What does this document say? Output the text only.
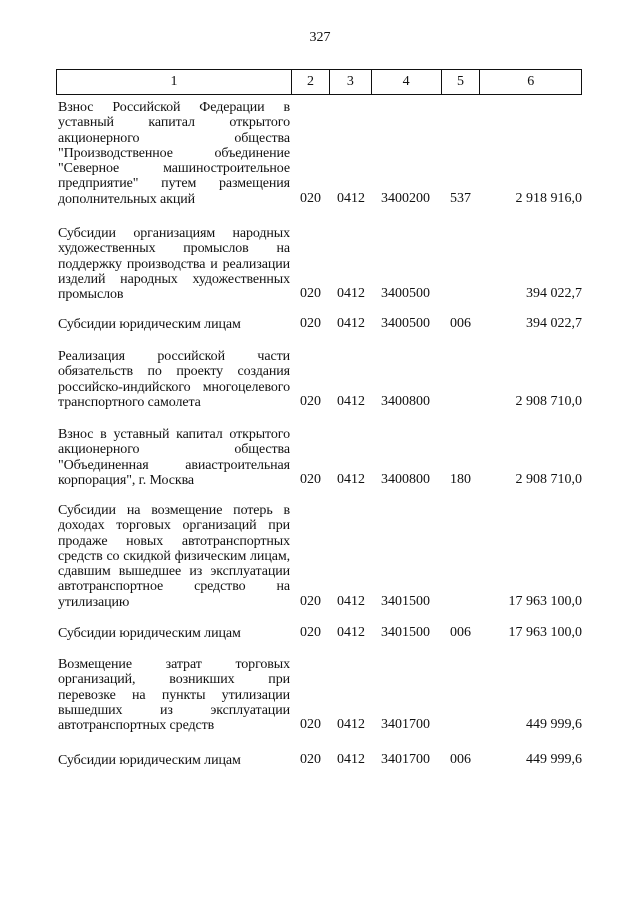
327
1	2	3	4	5	6
Взнос Российской Федерации в уставный капитал открытого акционерного общества "Производственное объединение "Северное машиностроительное предприятие" путем размещения дополнительных акций	020 0412 3400200 537	2 918 916,0
Субсидии организациям народных художественных промыслов на поддержку производства и реализации изделий народных художественных промыслов	020 0412 3400500	394 022,7
Субсидии юридическим лицам	020 0412 3400500 006	394 022,7
Реализация российской части обязательств по проекту создания российско-индийского многоцелевого транспортного самолета	020 0412 3400800	2 908 710,0
Взнос в уставный капитал открытого акционерного общества "Объединенная авиастроительная корпорация", г. Москва	020 0412 3400800 180	2 908 710,0
Субсидии на возмещение потерь в доходах торговых организаций при продаже новых автотранспортных средств со скидкой физическим лицам, сдавшим вышедшее из эксплуатации автотранспортное средство на утилизацию	020 0412 3401500	17 963 100,0
Субсидии юридическим лицам	020 0412 3401500 006	17 963 100,0
Возмещение затрат торговых организаций, возникших при перевозке на пункты утилизации вышедших из эксплуатации автотранспортных средств	020 0412 3401700	449 999,6
Субсидии юридическим лицам	020 0412 3401700 006	449 999,6
